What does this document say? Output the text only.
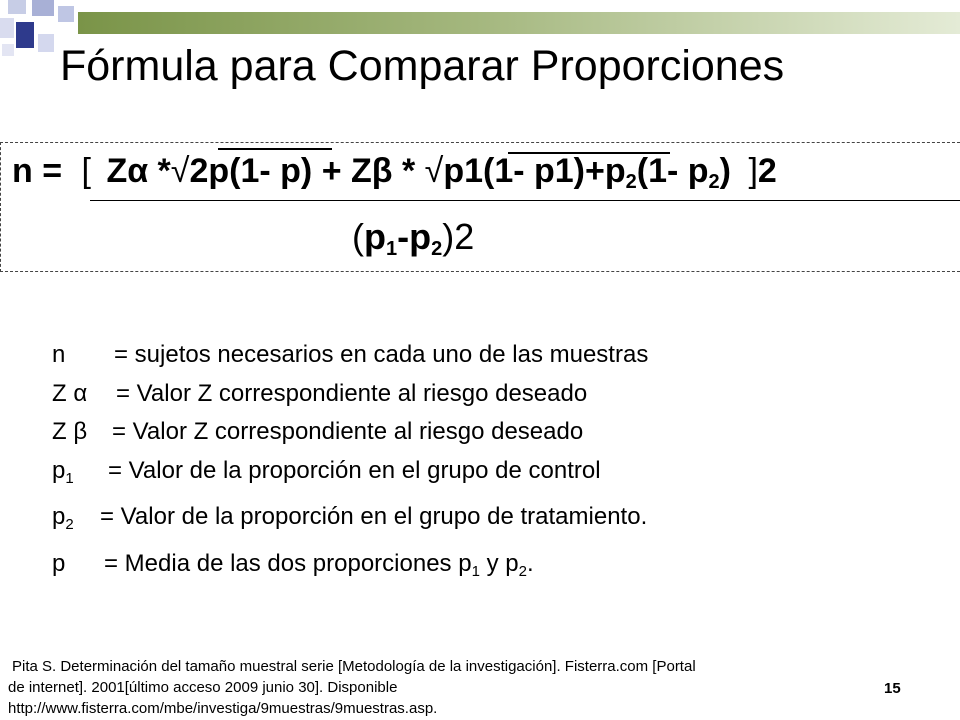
Fórmula para Comparar Proporciones
n = [ Zα *√2p(1- p) + Zβ * √p1(1- $p1)+p_2(1-$ $p_2$) ]2
$(p_1-p_2)2$
n	= sujetos necesarios en cada uno de las muestras
Z α	= Valor Z correspondiente al riesgo deseado
Z β	= Valor Z correspondiente al riesgo deseado
$p_1$	= Valor de la proporción en el grupo de control
$p_2$	= Valor de la proporción en el grupo de tratamiento.
p	= Media de las dos proporciones $p_1$ y $p_2$.
Pita S. Determinación del tamaño muestral serie [Metodología de la investigación]. Fisterra.com [Portal
de internet]. 2001[último acceso 2009 junio 30]. Disponible
http://www.fisterra.com/mbe/investiga/9muestras/9muestras.asp.
15
